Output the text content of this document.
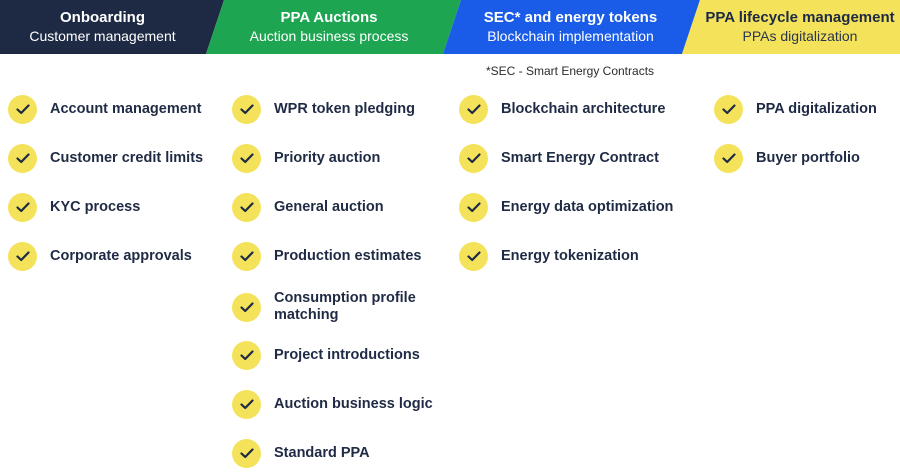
Onboarding
Customer management
PPA Auctions
Auction business process
SEC* and energy tokens
Blockchain implementation
PPA lifecycle management
PPAs digitalization
*SEC - Smart Energy Contracts
Account management
Customer credit limits
KYC process
Corporate approvals
WPR token pledging
Priority auction
General auction
Production estimates
Consumption profile matching
Project introductions
Auction business logic
Standard PPA
Blockchain architecture
Smart Energy Contract
Energy data optimization
Energy tokenization
PPA digitalization
Buyer portfolio
